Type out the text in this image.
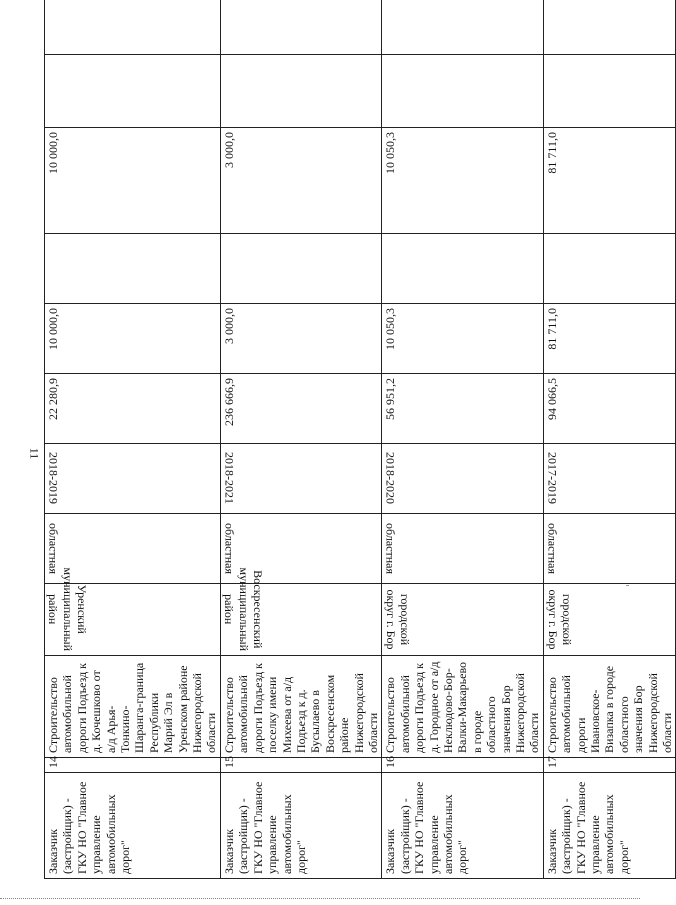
11
Заказчик (застройщик) - ГКУ НО "Главное управление автомобильных дорог"	14	Строительство автомобильной дороги Подъезд к д. Кочешково от а/д Арья-Тонкино-Шаранга-граница Республики Марий Эл в Уренском районе Нижегородской области	Уренский муниципальный район	областная	2018-2019	22 280,9	10 000,0		10 000,0			
Заказчик (застройщик) - ГКУ НО "Главное управление автомобильных дорог"	15	Строительство автомобильной дороги Подъезд к поселку имени Михеева от а/д Подъезд к д. Бусылаево в Воскресенском районе Нижегородской области	Воскресенский муниципальный район	областная	2018-2021	236 666,9	3 000,0		3 000,0			
Заказчик (застройщик) - ГКУ НО "Главное управление автомобильных дорог"	16	Строительство автомобильной дороги Подъезд к д. Городное от а/д Неклюдово-Бор-Валки-Макарьево в городе областного значения Бор Нижегородской области	городской округ г. Бор	областная	2018-2020	56 951,2	10 050,3		10 050,3			
Заказчик (застройщик) - ГКУ НО "Главное управление автомобильных дорог"	17	Строительство автомобильной дороги Ивановское-Визапка в городе областного значения Бор Нижегородской области	городской округ г. Бор	областная	2017-2019	94 066,5	81 711,0		81 711,0			
